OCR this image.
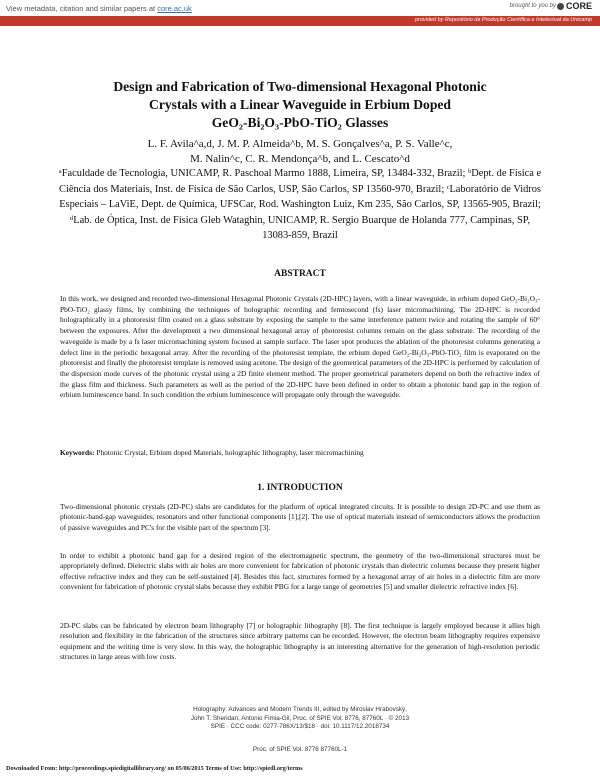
View metadata, citation and similar papers at core.ac.uk	brought to you by	CORE
provided by Repositório da Produção Científica e Intelectual da Unicamp
Design and Fabrication of Two-dimensional Hexagonal Photonic
Crystals with a Linear Waveguide in Erbium Doped
GeO₂-Bi₂O₃-PbO-TiO₂ Glasses
L. F. Avila^a,d, J. M. P. Almeida^b, M. S. Gonçalves^a, P. S. Valle^c,
M. Nalin^c, C. R. Mendonça^b, and L. Cescato^d
ᵃFaculdade de Tecnologia, UNICAMP, R. Paschoal Marmo 1888, Limeira, SP, 13484-332, Brazil; ᵇDept. de Física e Ciência dos Materiais, Inst. de Física de São Carlos, USP, São Carlos, SP 13560-970, Brazil; ᶜLaboratório de Vidros Especiais – LaViE, Dept. de Química, UFSCar, Rod. Washington Luiz, Km 235, São Carlos, SP, 13565-905, Brazil; ᵈLab. de Óptica, Inst. de Física Gleb Wataghin, UNICAMP, R. Sergio Buarque de Holanda 777, Campinas, SP, 13083-859, Brazil
ABSTRACT
In this work, we designed and recorded two-dimensional Hexagonal Photonic Crystals (2D-HPC) layers, with a linear waveguide, in erbium doped GeO₂-Bi₂O₃-PbO-TiO₂ glassy films, by combining the techniques of holographic recording and femtosecond (fs) laser micromachining. The 2D-HPC is recorded holographically in a photoresist film coated on a glass substrate by exposing the sample to the same interference pattern twice and rotating the sample of 60° between the exposures. After the development a two dimensional hexagonal array of photoresist columns remain on the glass substrate. The recording of the waveguide is made by a fs laser micromachining system focused at sample surface. The laser spot produces the ablation of the photoresist columns generating a defect line in the periodic hexagonal array. After the recording of the photoresist template, the erbium doped GeO₂-Bi₂O₃-PbO-TiO₂ film is evaporated on the photoresist and finally the photoresist template is removed using acetone. The design of the geometrical parameters of the 2D-HPC is performed by calculation of the dispersion mode curves of the photonic crystal using a 2D finite element method. The proper geometrical parameters depend on both the refractive index of the glass film and thickness. Such parameters as well as the period of the 2D-HPC have been defined in order to obtain a photonic band gap in the region of erbium luminescence band. In such condition the erbium luminescence will propagate only through the waveguide.
Keywords: Photonic Crystal, Erbium doped Materials, holographic lithography, laser micromachining
1. INTRODUCTION

Two-dimensional photonic crystals (2D-PC) slabs are candidates for the platform of optical integrated circuits. It is possible to design 2D-PC and use them as photonic-band-gap waveguides, resonators and other functional components [1],[2]. The use of optical materials instead of semiconductors allows the production of passive waveguides and PC's for the visible part of the spectrum [3].

In order to exhibit a photonic band gap for a desired region of the electromagnetic spectrum, the geometry of the two-dimensional structures must be appropriately defined. Dielectric slabs with air holes are more convenient for fabrication of photonic crystals than dielectric columns because they present higher effective refractive index and they can be self-sustained [4]. Besides this fact, structures formed by a hexagonal array of air holes in a dielectric film are more convenient for fabrication of photonic crystal slabs because they exhibit PBG for a large range of geometries [5] and smaller dielectric refractive index [6].

2D-PC slabs can be fabricated by electron beam lithography [7] or holographic lithography [8]. The first technique is largely employed because it allies high resolution and flexibility in the fabrication of the structures since arbitrary patterns can be recorded. However, the electron beam lithography requires expensive equipment and the writing time is very slow. In this way, the holographic lithography is an interesting alternative for the generation of high-resolution periodic structures in large areas with low costs.

Holography: Advances and Modern Trends III, edited by Miroslav Hrabovský,
John T. Sheridan, Antonio Fimia-Gil, Proc. of SPIE Vol. 8776, 87760L · © 2013
SPIE · CCC code: 0277-786X/13/$18 · doi: 10.1117/12.2018734
Proc. of SPIE Vol. 8776 87760L-1
Downloaded From: http://proceedings.spiedigitallibrary.org/ on 05/06/2015 Terms of Use: http://spiedl.org/terms
